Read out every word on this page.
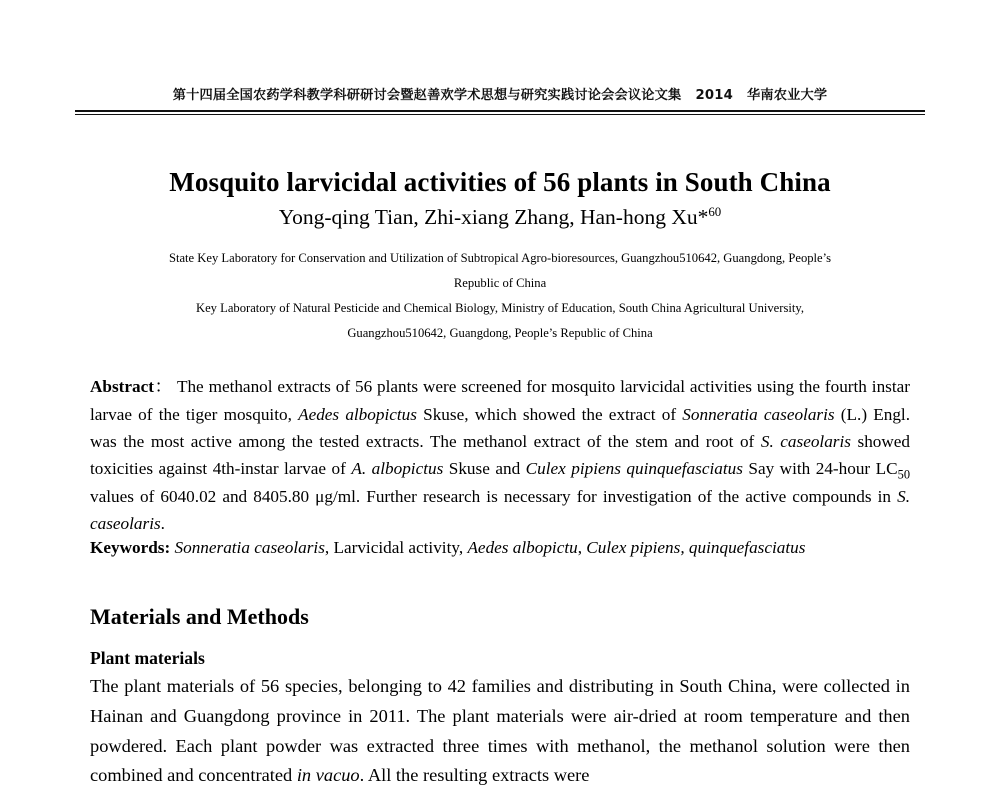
第十四届全国农药学科教学科研研讨会暨赵善欢学术思想与研究实践讨论会会议论文集 2014 华南农业大学
Mosquito larvicidal activities of 56 plants in South China
Yong-qing Tian, Zhi-xiang Zhang, Han-hong Xu*$^{60}$
State Key Laboratory for Conservation and Utilization of Subtropical Agro-bioresources, Guangzhou510642, Guangdong, People’s
Republic of China
Key Laboratory of Natural Pesticide and Chemical Biology, Ministry of Education, South China Agricultural University,
Guangzhou510642, Guangdong, People’s Republic of China

Abstract： The methanol extracts of 56 plants were screened for mosquito larvicidal activities using the fourth instar larvae of the tiger mosquito, Aedes albopictus Skuse, which showed the extract of Sonneratia caseolaris (L.) Engl. was the most active among the tested extracts. The methanol extract of the stem and root of S. caseolaris showed toxicities against 4th-instar larvae of A. albopictus Skuse and Culex pipiens quinquefasciatus Say with 24-hour $LC_{50}$ values of 6040.02 and 8405.80 μg/ml. Further research is necessary for investigation of the active compounds in S. caseolaris.

Keywords: Sonneratia caseolaris, Larvicidal activity, Aedes albopictu, Culex pipiens, quinquefasciatus

Materials and Methods
Plant materials

The plant materials of 56 species, belonging to 42 families and distributing in South China, were collected in Hainan and Guangdong province in 2011. The plant materials were air-dried at room temperature and then powdered. Each plant powder was extracted three times with methanol, the methanol solution were then combined and concentrated in vacuo. All the resulting extracts were
